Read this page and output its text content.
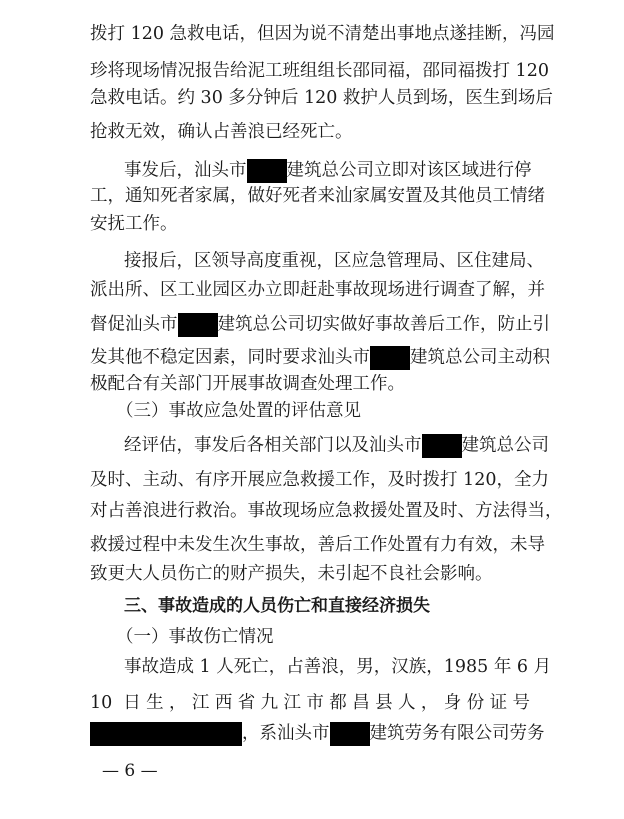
拨打 120 急救电话，但因为说不清楚出事地点遂挂断，冯园
珍将现场情况报告给泥工班组组长邵同福，邵同福拨打 120
急救电话。约 30 多分钟后 120 救护人员到场，医生到场后
抢救无效，确认占善浪已经死亡。
事发后，汕头市 建筑总公司立即对该区域进行停
工，通知死者家属，做好死者来汕家属安置及其他员工情绪
安抚工作。
接报后，区领导高度重视，区应急管理局、区住建局、
派出所、区工业园区办立即赶赴事故现场进行调查了解，并
督促汕头市 建筑总公司切实做好事故善后工作，防止引
发其他不稳定因素，同时要求汕头市 建筑总公司主动积
极配合有关部门开展事故调查处理工作。
（三）事故应急处置的评估意见
经评估，事发后各相关部门以及汕头市 建筑总公司
及时、主动、有序开展应急救援工作，及时拨打 120，全力
对占善浪进行救治。事故现场应急救援处置及时、方法得当，
救援过程中未发生次生事故，善后工作处置有力有效，未导
致更大人员伤亡的财产损失，未引起不良社会影响。
三、事故造成的人员伤亡和直接经济损失
（一）事故伤亡情况
事故造成 1 人死亡，占善浪，男，汉族，1985 年 6 月
10 日生，江西省九江市都昌县人，身份证号
，系汕头市 建筑劳务有限公司劳务
— 6 —
